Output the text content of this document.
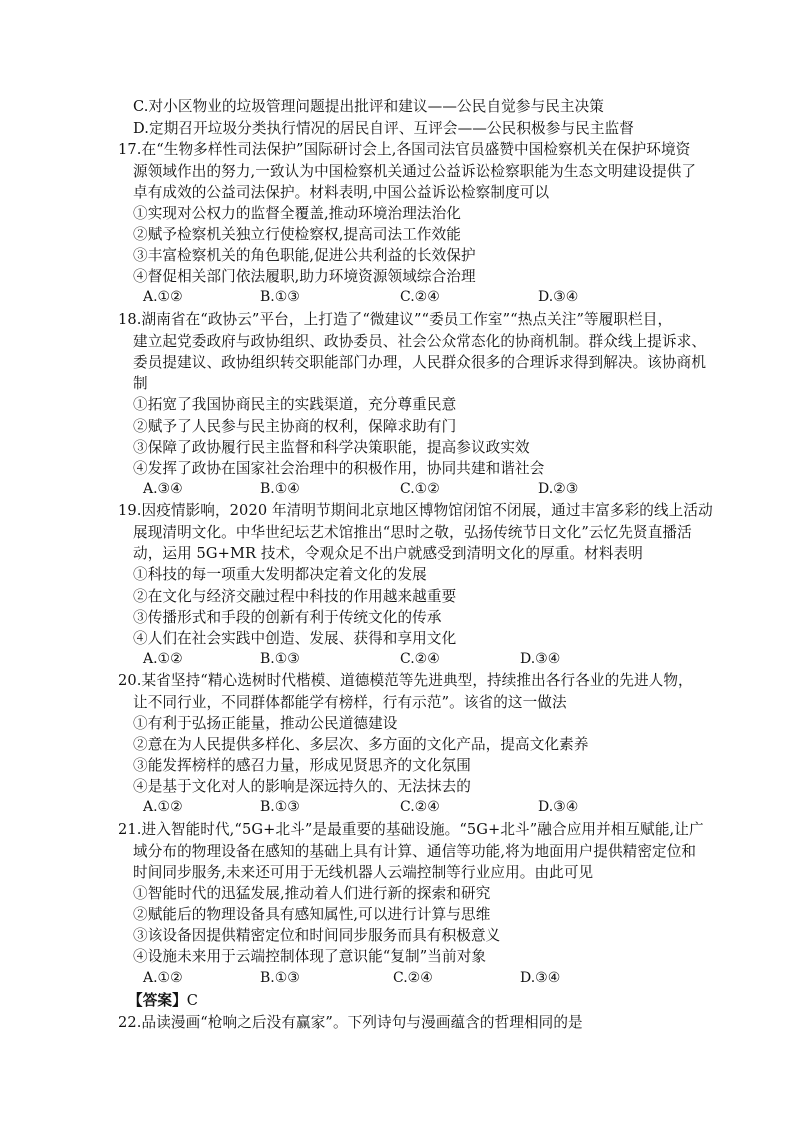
C.对小区物业的垃圾管理问题提出批评和建议——公民自觉参与民主决策
D.定期召开垃圾分类执行情况的居民自评、互评会——公民积极参与民主监督
17.在“生物多样性司法保护”国际研讨会上,各国司法官员盛赞中国检察机关在保护环境资
源领域作出的努力,一致认为中国检察机关通过公益诉讼检察职能为生态文明建设提供了
卓有成效的公益司法保护。材料表明,中国公益诉讼检察制度可以
①实现对公权力的监督全覆盖,推动环境治理法治化
②赋予检察机关独立行使检察权,提高司法工作效能
③丰富检察机关的角色职能,促进公共利益的长效保护
④督促相关部门依法履职,助力环境资源领域综合治理
A.①②	B.①③	C.②④	D.③④
18.湖南省在“政协云”平台，上打造了“微建议”“委员工作室”“热点关注”等履职栏目，
建立起党委政府与政协组织、政协委员、社会公众常态化的协商机制。群众线上提诉求、
委员提建议、政协组织转交职能部门办理，人民群众很多的合理诉求得到解决。该协商机
制
①拓宽了我国协商民主的实践渠道，充分尊重民意
②赋予了人民参与民主协商的权利，保障求助有门
③保障了政协履行民主监督和科学决策职能，提高参议政实效
④发挥了政协在国家社会治理中的积极作用，协同共建和谐社会
A.③④	B.①④	C.①②	D.②③
19.因疫情影响，2020 年清明节期间北京地区博物馆闭馆不闭展，通过丰富多彩的线上活动
展现清明文化。中华世纪坛艺术馆推出“思时之敬，弘扬传统节日文化”云忆先贤直播活
动，运用 5G+MR 技术，令观众足不出户就感受到清明文化的厚重。材料表明
①科技的每一项重大发明都决定着文化的发展
②在文化与经济交融过程中科技的作用越来越重要
③传播形式和手段的创新有利于传统文化的传承
④人们在社会实践中创造、发展、获得和享用文化
A.①②	B.①③	C.②④	D.③④
20.某省坚持“精心选树时代楷模、道德模范等先进典型，持续推出各行各业的先进人物，
让不同行业，不同群体都能学有榜样，行有示范”。该省的这一做法
①有利于弘扬正能量，推动公民道德建设
②意在为人民提供多样化、多层次、多方面的文化产品，提高文化素养
③能发挥榜样的感召力量，形成见贤思齐的文化氛围
④是基于文化对人的影响是深远持久的、无法抹去的
A.①②	B.①③	C.②④	D.③④
21.进入智能时代,“5G+北斗”是最重要的基础设施。“5G+北斗”融合应用并相互赋能,让广
域分布的物理设备在感知的基础上具有计算、通信等功能,将为地面用户提供精密定位和
时间同步服务,未来还可用于无线机器人云端控制等行业应用。由此可见
①智能时代的迅猛发展,推动着人们进行新的探索和研究
②赋能后的物理设备具有感知属性,可以进行计算与思维
③该设备因提供精密定位和时间同步服务而具有积极意义
④设施未来用于云端控制体现了意识能“复制”当前对象
A.①②	B.①③	C.②④	D.③④
【答案】C
22.品读漫画“枪响之后没有赢家”。下列诗句与漫画蕴含的哲理相同的是
